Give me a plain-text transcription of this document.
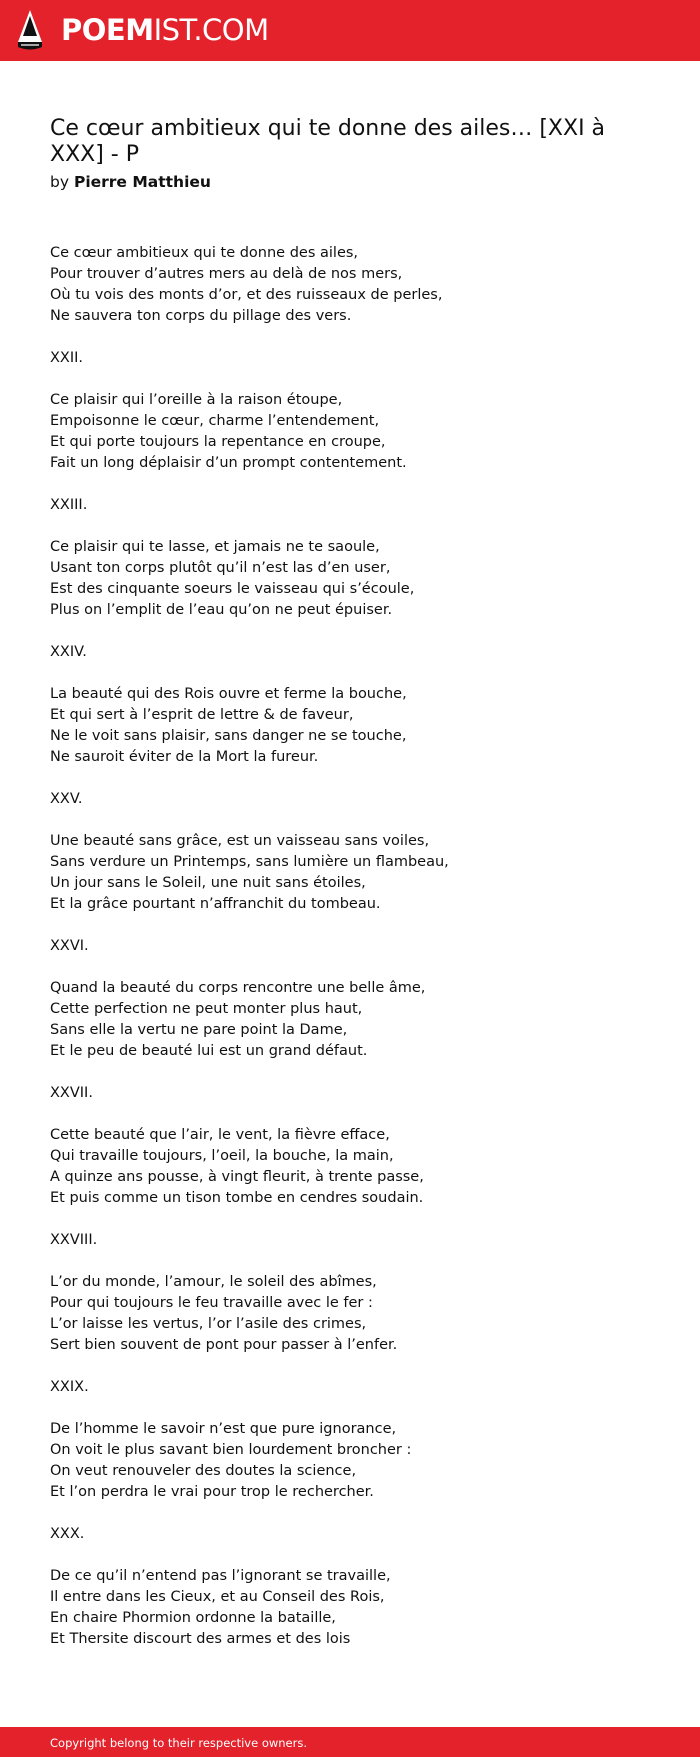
POEMIST.COM
Ce cœur ambitieux qui te donne des ailes… [XXI à XXX] - P
by Pierre Matthieu
Ce cœur ambitieux qui te donne des ailes,
Pour trouver d’autres mers au delà de nos mers,
Où tu vois des monts d’or, et des ruisseaux de perles,
Ne sauvera ton corps du pillage des vers.
XXII.
Ce plaisir qui l’oreille à la raison étoupe,
Empoisonne le cœur, charme l’entendement,
Et qui porte toujours la repentance en croupe,
Fait un long déplaisir d’un prompt contentement.
XXIII.
Ce plaisir qui te lasse, et jamais ne te saoule,
Usant ton corps plutôt qu’il n’est las d’en user,
Est des cinquante soeurs le vaisseau qui s’écoule,
Plus on l’emplit de l’eau qu’on ne peut épuiser.
XXIV.
La beauté qui des Rois ouvre et ferme la bouche,
Et qui sert à l’esprit de lettre & de faveur,
Ne le voit sans plaisir, sans danger ne se touche,
Ne sauroit éviter de la Mort la fureur.
XXV.
Une beauté sans grâce, est un vaisseau sans voiles,
Sans verdure un Printemps, sans lumière un flambeau,
Un jour sans le Soleil, une nuit sans étoiles,
Et la grâce pourtant n’affranchit du tombeau.
XXVI.
Quand la beauté du corps rencontre une belle âme,
Cette perfection ne peut monter plus haut,
Sans elle la vertu ne pare point la Dame,
Et le peu de beauté lui est un grand défaut.
XXVII.
Cette beauté que l’air, le vent, la fièvre efface,
Qui travaille toujours, l’oeil, la bouche, la main,
A quinze ans pousse, à vingt fleurit, à trente passe,
Et puis comme un tison tombe en cendres soudain.
XXVIII.
L’or du monde, l’amour, le soleil des abîmes,
Pour qui toujours le feu travaille avec le fer :
L’or laisse les vertus, l’or l’asile des crimes,
Sert bien souvent de pont pour passer à l’enfer.
XXIX.
De l’homme le savoir n’est que pure ignorance,
On voit le plus savant bien lourdement broncher :
On veut renouveler des doutes la science,
Et l’on perdra le vrai pour trop le rechercher.
XXX.
De ce qu’il n’entend pas l’ignorant se travaille,
Il entre dans les Cieux, et au Conseil des Rois,
En chaire Phormion ordonne la bataille,
Et Thersite discourt des armes et des lois
Copyright belong to their respective owners.
